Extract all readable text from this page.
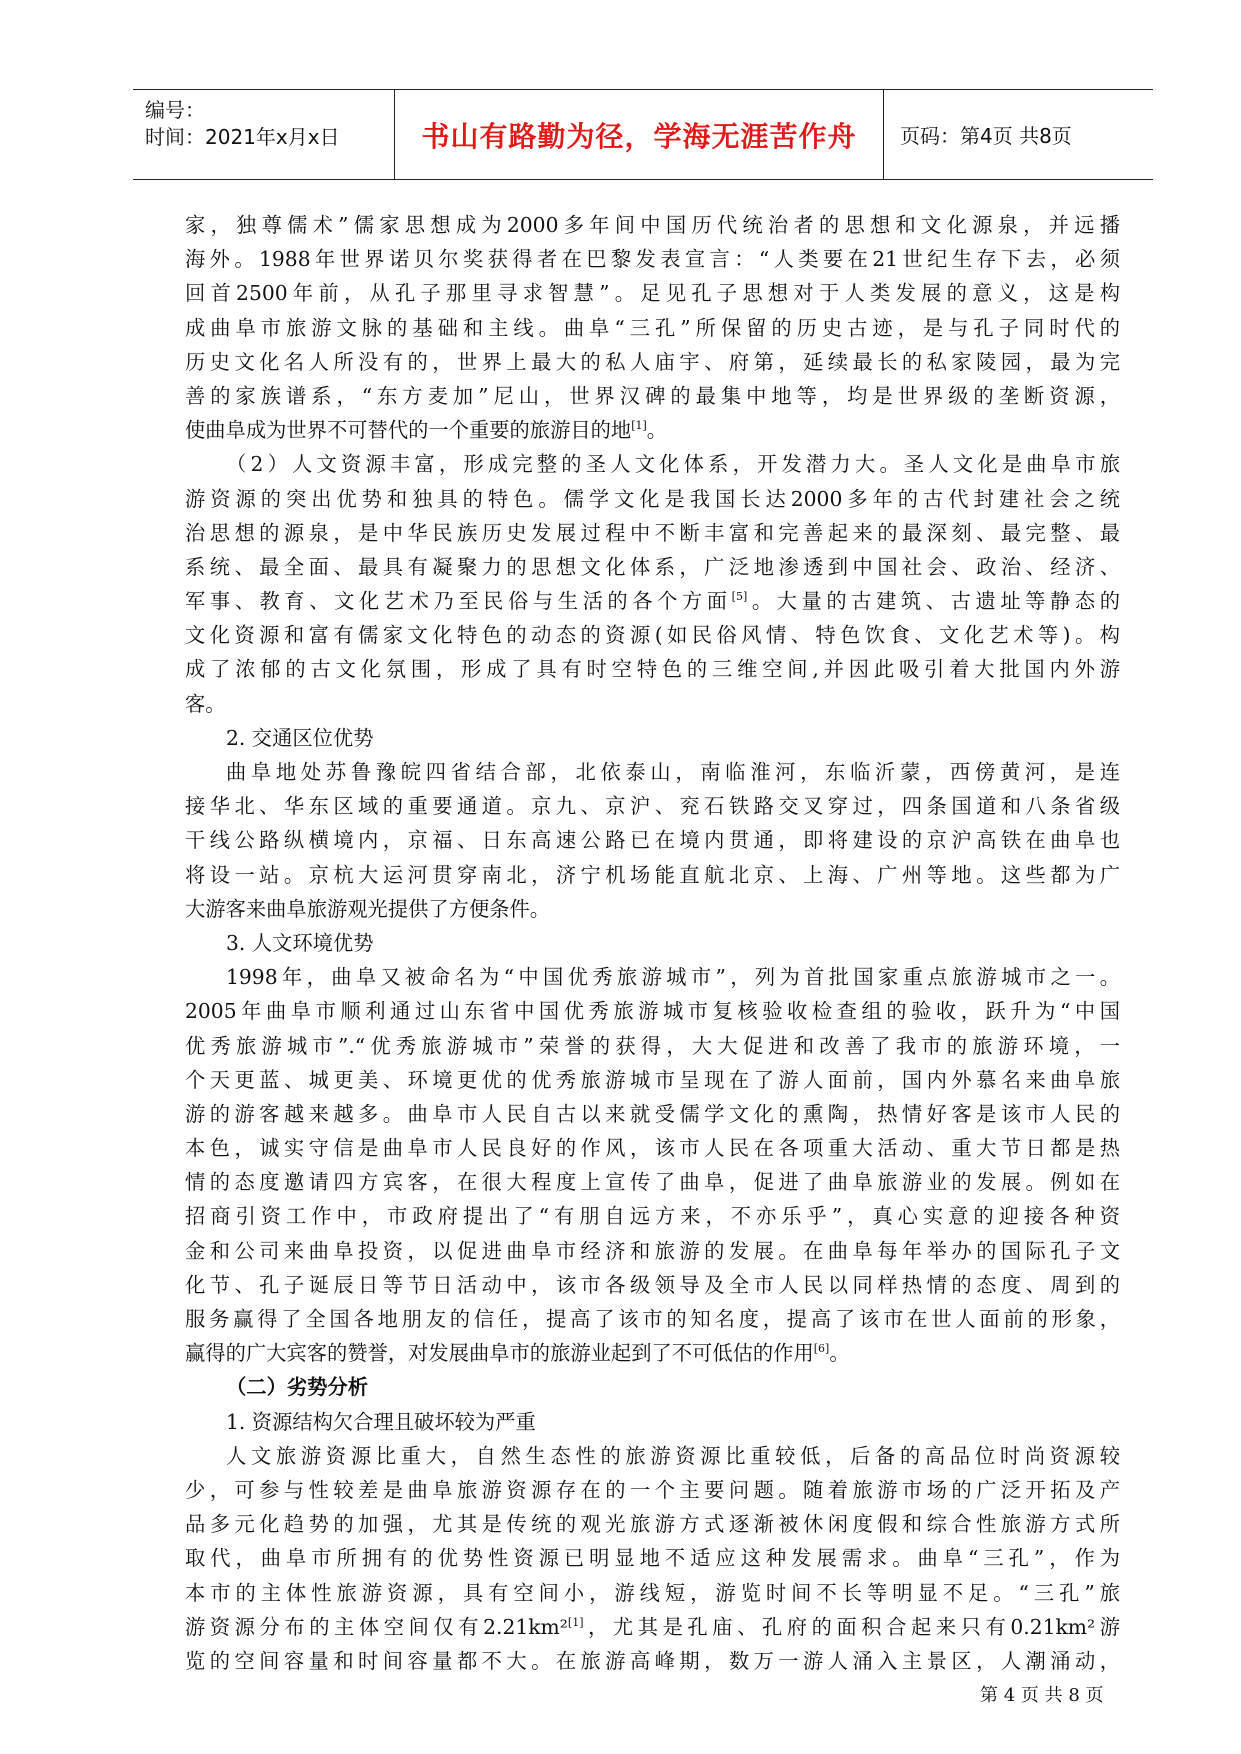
编号：
时间：2021年x月x日	书山有路勤为径，学海无涯苦作舟 页码：第4页 共8页
家，独尊儒术”儒家思想成为2000多年间中国历代统治者的思想和文化源泉，并远播
海外。1988年世界诺贝尔奖获得者在巴黎发表宣言：“人类要在21世纪生存下去，必须
回首2500年前，从孔子那里寻求智慧”。足见孔子思想对于人类发展的意义，这是构
成曲阜市旅游文脉的基础和主线。曲阜“三孔”所保留的历史古迹，是与孔子同时代的
历史文化名人所没有的，世界上最大的私人庙宇、府第，延续最长的私家陵园，最为完
善的家族谱系，“东方麦加”尼山，世界汉碑的最集中地等，均是世界级的垄断资源，
使曲阜成为世界不可替代的一个重要的旅游目的地[1]。
（2）人文资源丰富，形成完整的圣人文化体系，开发潜力大。圣人文化是曲阜市旅
游资源的突出优势和独具的特色。儒学文化是我国长达2000多年的古代封建社会之统
治思想的源泉，是中华民族历史发展过程中不断丰富和完善起来的最深刻、最完整、最
系统、最全面、最具有凝聚力的思想文化体系，广泛地渗透到中国社会、政治、经济、
军事、教育、文化艺术乃至民俗与生活的各个方面[5]。大量的古建筑、古遗址等静态的
文化资源和富有儒家文化特色的动态的资源(如民俗风情、特色饮食、文化艺术等)。构
成了浓郁的古文化氛围，形成了具有时空特色的三维空间,并因此吸引着大批国内外游
客。
2. 交通区位优势
曲阜地处苏鲁豫皖四省结合部，北依泰山，南临淮河，东临沂蒙，西傍黄河，是连
接华北、华东区域的重要通道。京九、京沪、兖石铁路交叉穿过，四条国道和八条省级
干线公路纵横境内，京福、日东高速公路已在境内贯通，即将建设的京沪高铁在曲阜也
将设一站。京杭大运河贯穿南北，济宁机场能直航北京、上海、广州等地。这些都为广
大游客来曲阜旅游观光提供了方便条件。
3. 人文环境优势
1998年，曲阜又被命名为“中国优秀旅游城市”，列为首批国家重点旅游城市之一。
2005年曲阜市顺利通过山东省中国优秀旅游城市复核验收检查组的验收，跃升为“中国
优秀旅游城市”.“优秀旅游城市”荣誉的获得，大大促进和改善了我市的旅游环境，一
个天更蓝、城更美、环境更优的优秀旅游城市呈现在了游人面前，国内外慕名来曲阜旅
游的游客越来越多。曲阜市人民自古以来就受儒学文化的熏陶，热情好客是该市人民的
本色，诚实守信是曲阜市人民良好的作风，该市人民在各项重大活动、重大节日都是热
情的态度邀请四方宾客，在很大程度上宣传了曲阜，促进了曲阜旅游业的发展。例如在
招商引资工作中，市政府提出了“有朋自远方来，不亦乐乎”，真心实意的迎接各种资
金和公司来曲阜投资，以促进曲阜市经济和旅游的发展。在曲阜每年举办的国际孔子文
化节、孔子诞辰日等节日活动中，该市各级领导及全市人民以同样热情的态度、周到的
服务赢得了全国各地朋友的信任，提高了该市的知名度，提高了该市在世人面前的形象，
赢得的广大宾客的赞誉，对发展曲阜市的旅游业起到了不可低估的作用[6]。
（二）劣势分析
1. 资源结构欠合理且破坏较为严重
人文旅游资源比重大，自然生态性的旅游资源比重较低，后备的高品位时尚资源较
少，可参与性较差是曲阜旅游资源存在的一个主要问题。随着旅游市场的广泛开拓及产
品多元化趋势的加强，尤其是传统的观光旅游方式逐渐被休闲度假和综合性旅游方式所
取代，曲阜市所拥有的优势性资源已明显地不适应这种发展需求。曲阜“三孔”，作为
本市的主体性旅游资源，具有空间小，游线短，游览时间不长等明显不足。“三孔”旅
游资源分布的主体空间仅有2.21km²[1]，尤其是孔庙、孔府的面积合起来只有0.21km²游
览的空间容量和时间容量都不大。在旅游高峰期，数万一游人涌入主景区，人潮涌动，
第 4 页 共 8 页
